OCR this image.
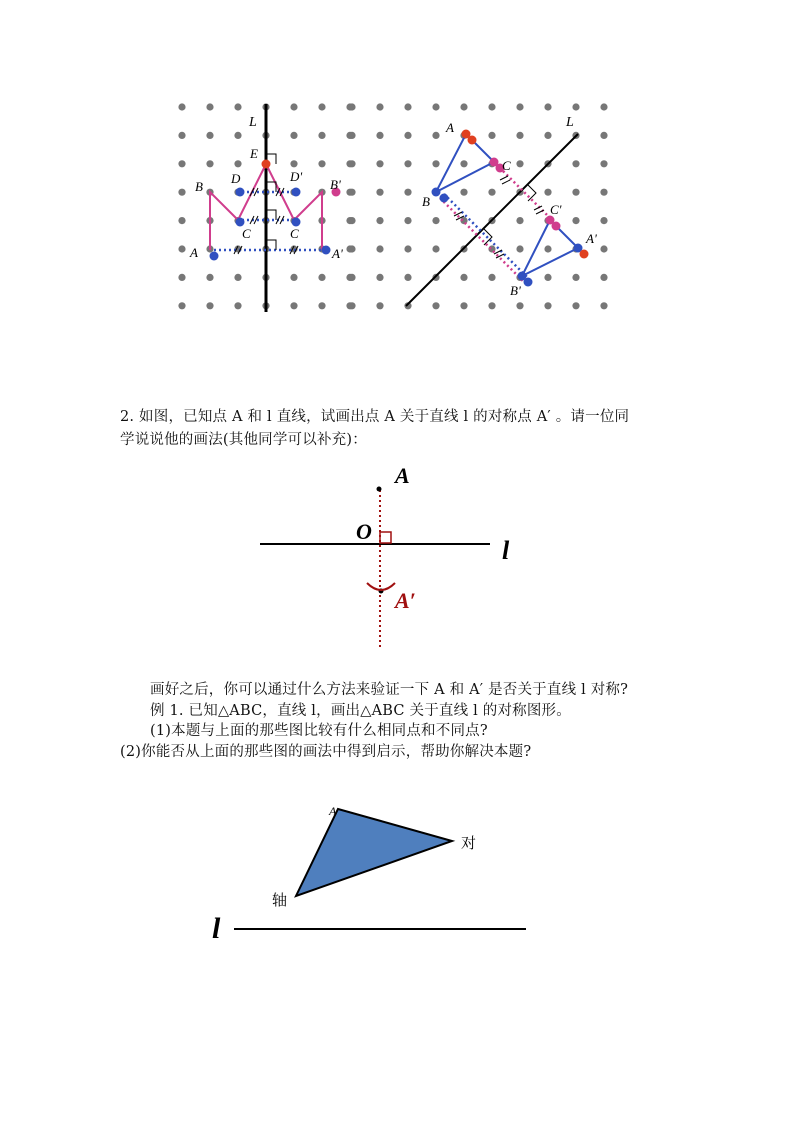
L
A
B
C
D
E
A'
B'
C
D'
L
A
B
C
C'
A'
B'
2. 如图，已知点 A 和 l 直线，试画出点 A 关于直线 l 的对称点 A′ 。请一位同
学说说他的画法(其他同学可以补充)：
A
O
l
A′
画好之后，你可以通过什么方法来验证一下 A 和 A′ 是否关于直线 l 对称?
例 1. 已知△ABC，直线 l，画出△ABC 关于直线 l 的对称图形。
(1)本题与上面的那些图比较有什么相同点和不同点?
(2)你能否从上面的那些图的画法中得到启示，帮助你解决本题?
A
对
轴
l
